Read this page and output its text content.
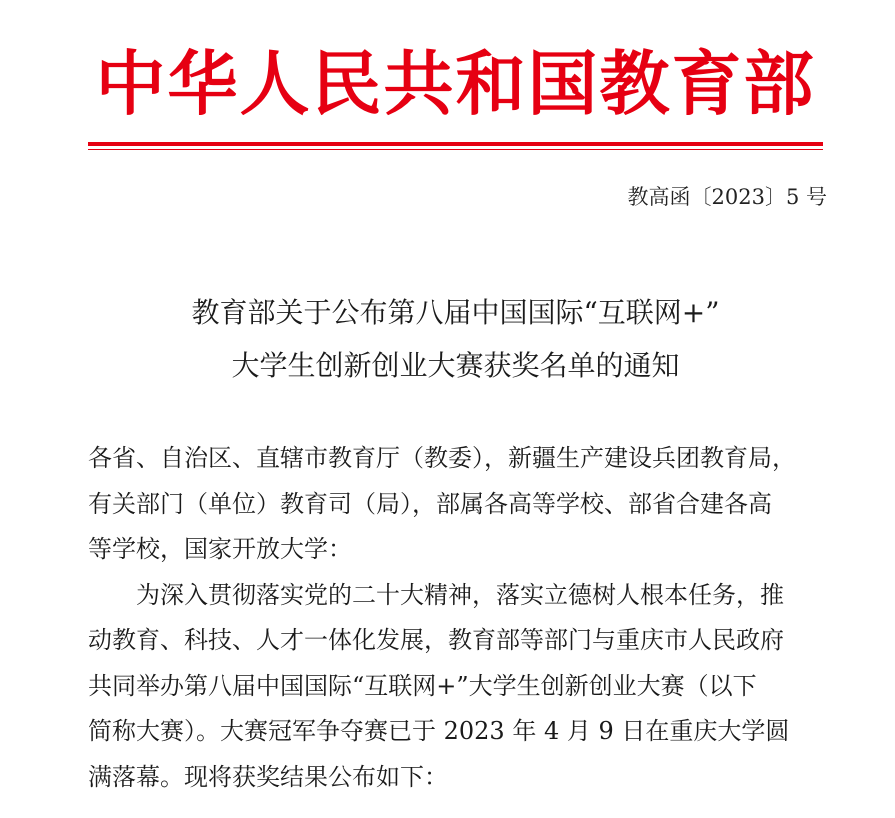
中华人民共和国教育部
教高函〔2023〕5 号
教育部关于公布第八届中国国际“互联网+”
大学生创新创业大赛获奖名单的通知
各省、自治区、直辖市教育厅（教委），新疆生产建设兵团教育局，
有关部门（单位）教育司（局），部属各高等学校、部省合建各高
等学校，国家开放大学：
为深入贯彻落实党的二十大精神，落实立德树人根本任务，推
动教育、科技、人才一体化发展，教育部等部门与重庆市人民政府
共同举办第八届中国国际“互联网+”大学生创新创业大赛（以下
简称大赛）。大赛冠军争夺赛已于 2023 年 4 月 9 日在重庆大学圆
满落幕。现将获奖结果公布如下：
